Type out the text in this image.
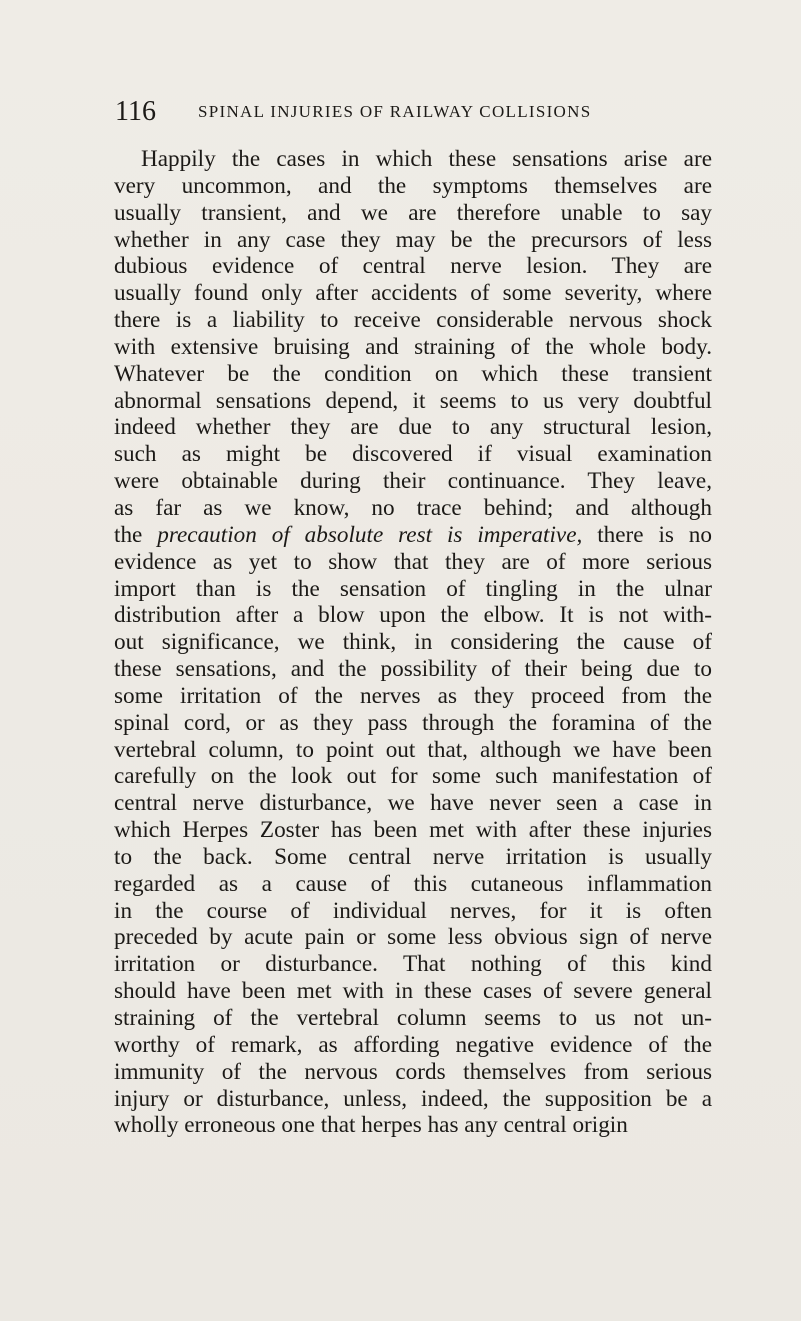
116 SPINAL INJURIES OF RAILWAY COLLISIONS
Happily the cases in which these sensations arise are
very uncommon, and the symptoms themselves are
usually transient, and we are therefore unable to say
whether in any case they may be the precursors of less
dubious evidence of central nerve lesion. They are
usually found only after accidents of some severity, where
there is a liability to receive considerable nervous shock
with extensive bruising and straining of the whole body.
Whatever be the condition on which these transient
abnormal sensations depend, it seems to us very doubtful
indeed whether they are due to any structural lesion,
such as might be discovered if visual examination
were obtainable during their continuance. They leave,
as far as we know, no trace behind; and although
the precaution of absolute rest is imperative, there is no
evidence as yet to show that they are of more serious
import than is the sensation of tingling in the ulnar
distribution after a blow upon the elbow. It is not with-
out significance, we think, in considering the cause of
these sensations, and the possibility of their being due to
some irritation of the nerves as they proceed from the
spinal cord, or as they pass through the foramina of the
vertebral column, to point out that, although we have been
carefully on the look out for some such manifestation of
central nerve disturbance, we have never seen a case in
which Herpes Zoster has been met with after these injuries
to the back. Some central nerve irritation is usually
regarded as a cause of this cutaneous inflammation
in the course of individual nerves, for it is often
preceded by acute pain or some less obvious sign of nerve
irritation or disturbance. That nothing of this kind
should have been met with in these cases of severe general
straining of the vertebral column seems to us not un-
worthy of remark, as affording negative evidence of the
immunity of the nervous cords themselves from serious
injury or disturbance, unless, indeed, the supposition be a
wholly erroneous one that herpes has any central origin
